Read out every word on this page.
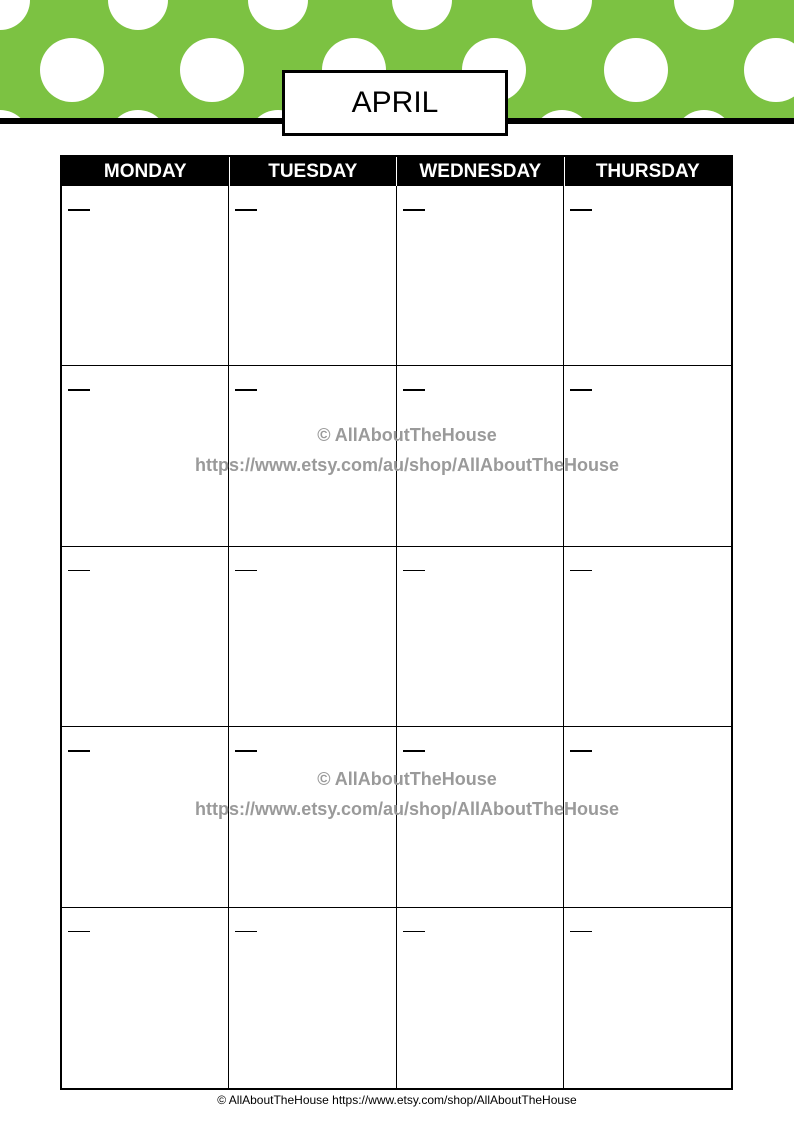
APRIL
MONDAY	TUESDAY	WEDNESDAY	THURSDAY
© AllAboutTheHouse
https://www.etsy.com/au/shop/AllAboutTheHouse
© AllAboutTheHouse
https://www.etsy.com/au/shop/AllAboutTheHouse
© AllAboutTheHouse https://www.etsy.com/shop/AllAboutTheHouse
